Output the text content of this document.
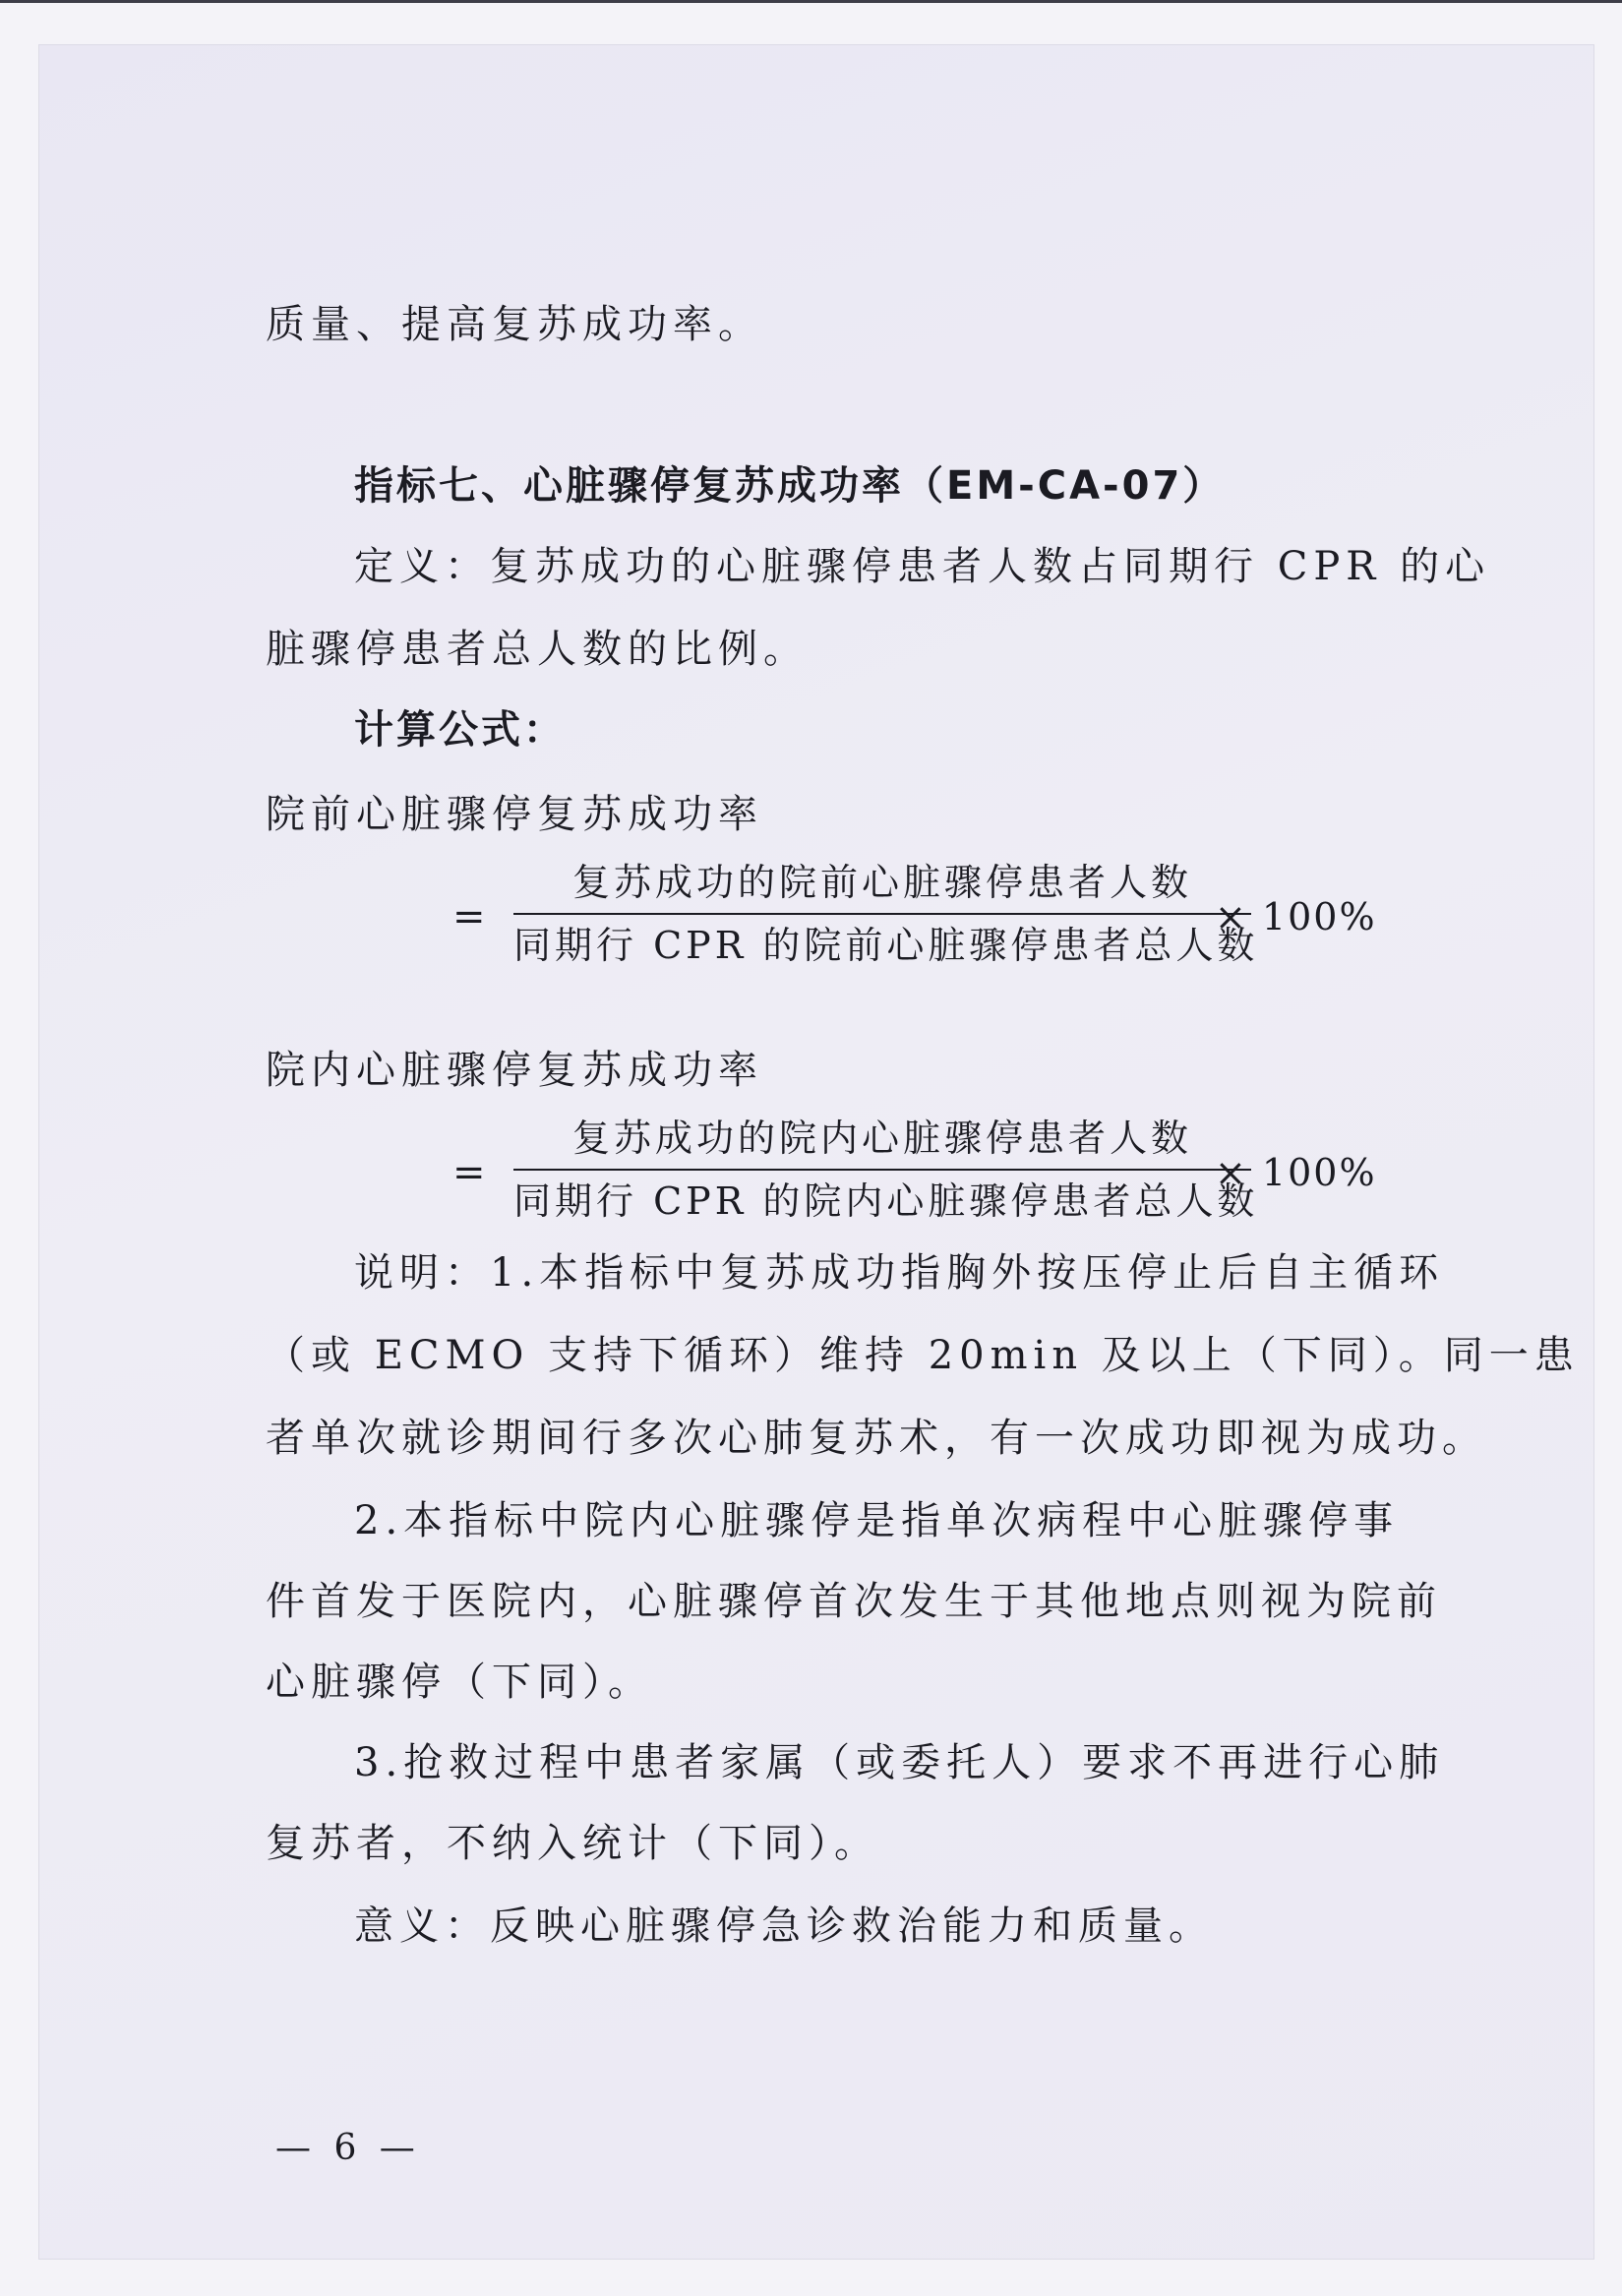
质量、提高复苏成功率。

指标七、心脏骤停复苏成功率（EM-CA-07）

定义：复苏成功的心脏骤停患者人数占同期行 CPR 的心

脏骤停患者总人数的比例。

计算公式：

院前心脏骤停复苏成功率

=
复苏成功的院前心脏骤停患者人数
同期行 CPR 的院前心脏骤停患者总人数
× 100%

院内心脏骤停复苏成功率

=
复苏成功的院内心脏骤停患者人数
同期行 CPR 的院内心脏骤停患者总人数
× 100%

说明：1.本指标中复苏成功指胸外按压停止后自主循环

（或 ECMO 支持下循环）维持 20min 及以上（下同）。同一患

者单次就诊期间行多次心肺复苏术，有一次成功即视为成功。

2.本指标中院内心脏骤停是指单次病程中心脏骤停事

件首发于医院内，心脏骤停首次发生于其他地点则视为院前

心脏骤停（下同）。

3.抢救过程中患者家属（或委托人）要求不再进行心肺

复苏者，不纳入统计（下同）。

意义：反映心脏骤停急诊救治能力和质量。

— 6 —
